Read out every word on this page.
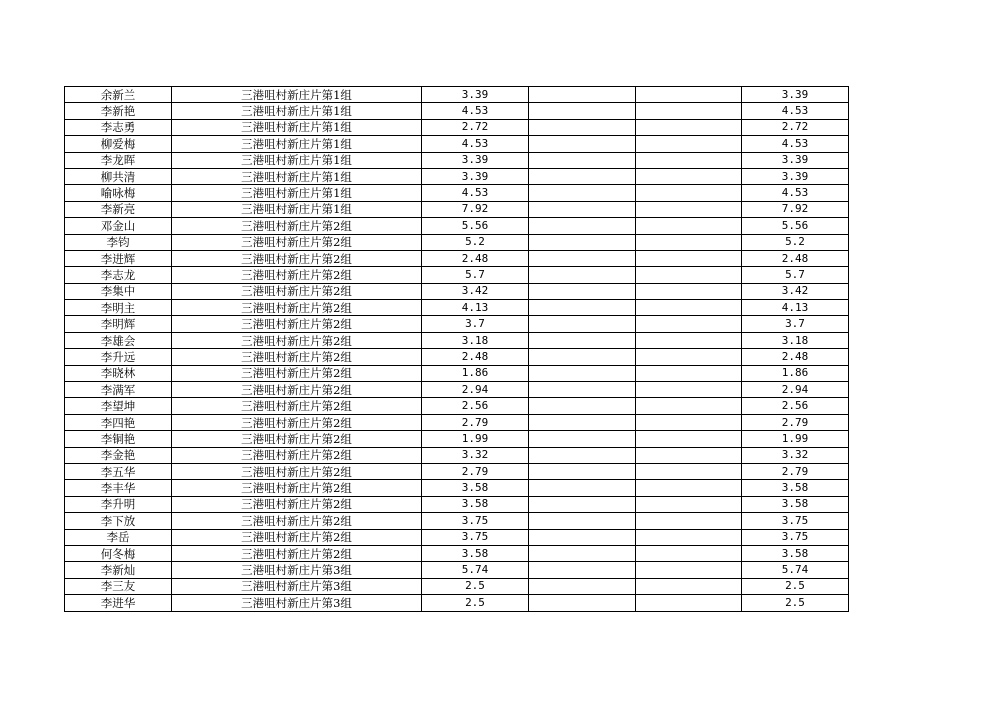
余新兰	三港咀村新庄片第1组	3.39			3.39
李新艳	三港咀村新庄片第1组	4.53			4.53
李志勇	三港咀村新庄片第1组	2.72			2.72
柳爱梅	三港咀村新庄片第1组	4.53			4.53
李龙晖	三港咀村新庄片第1组	3.39			3.39
柳共清	三港咀村新庄片第1组	3.39			3.39
喻咏梅	三港咀村新庄片第1组	4.53			4.53
李新亮	三港咀村新庄片第1组	7.92			7.92
邓金山	三港咀村新庄片第2组	5.56			5.56
李钧	三港咀村新庄片第2组	5.2			5.2
李进辉	三港咀村新庄片第2组	2.48			2.48
李志龙	三港咀村新庄片第2组	5.7			5.7
李集中	三港咀村新庄片第2组	3.42			3.42
李明主	三港咀村新庄片第2组	4.13			4.13
李明辉	三港咀村新庄片第2组	3.7			3.7
李雄会	三港咀村新庄片第2组	3.18			3.18
李升远	三港咀村新庄片第2组	2.48			2.48
李晓林	三港咀村新庄片第2组	1.86			1.86
李满军	三港咀村新庄片第2组	2.94			2.94
李望坤	三港咀村新庄片第2组	2.56			2.56
李四艳	三港咀村新庄片第2组	2.79			2.79
李铜艳	三港咀村新庄片第2组	1.99			1.99
李金艳	三港咀村新庄片第2组	3.32			3.32
李五华	三港咀村新庄片第2组	2.79			2.79
李丰华	三港咀村新庄片第2组	3.58			3.58
李升明	三港咀村新庄片第2组	3.58			3.58
李下放	三港咀村新庄片第2组	3.75			3.75
李岳	三港咀村新庄片第2组	3.75			3.75
何冬梅	三港咀村新庄片第2组	3.58			3.58
李新灿	三港咀村新庄片第3组	5.74			5.74
李三友	三港咀村新庄片第3组	2.5			2.5
李进华	三港咀村新庄片第3组	2.5			2.5
